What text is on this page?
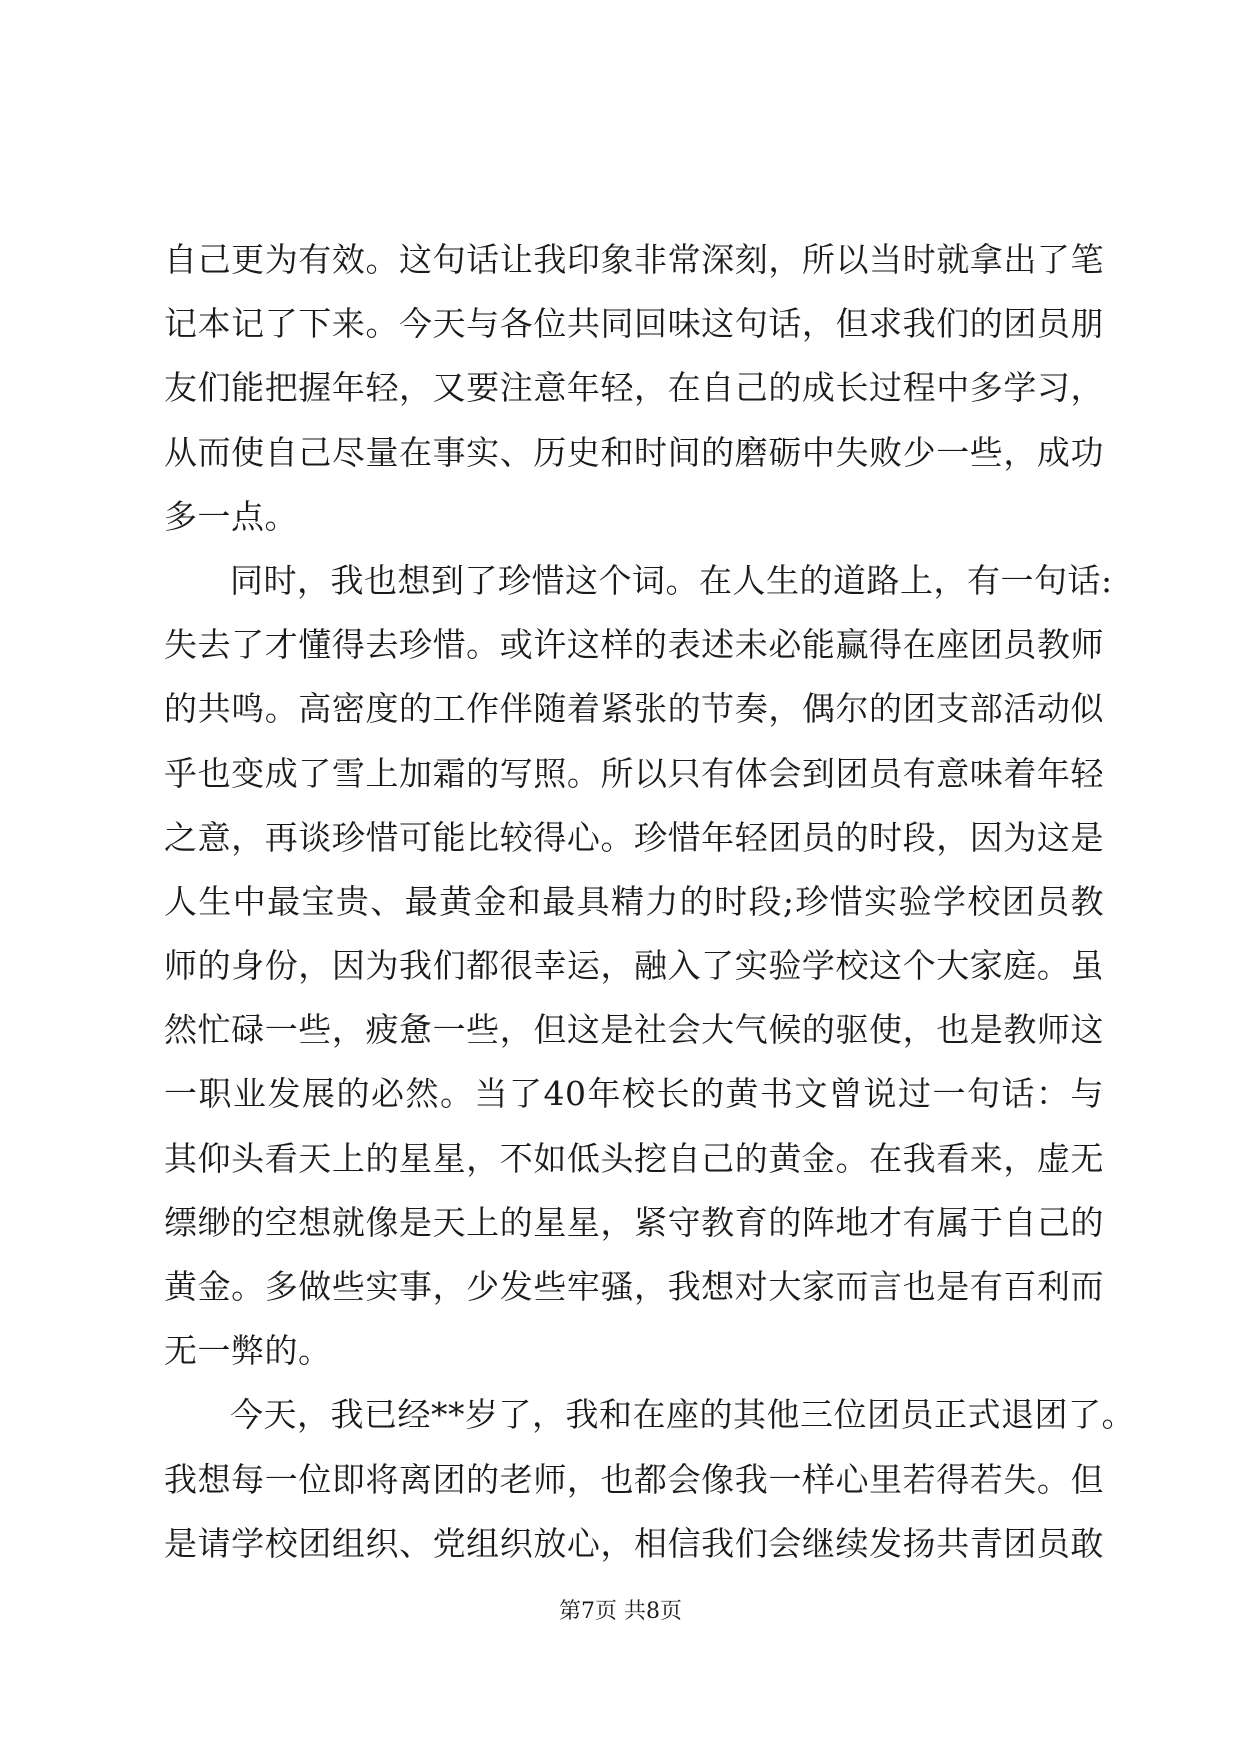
自己更为有效。这句话让我印象非常深刻，所以当时就拿出了笔
记本记了下来。今天与各位共同回味这句话，但求我们的团员朋
友们能把握年轻，又要注意年轻，在自己的成长过程中多学习，
从而使自己尽量在事实、历史和时间的磨砺中失败少一些，成功
多一点。
同时，我也想到了珍惜这个词。在人生的道路上，有一句话:
失去了才懂得去珍惜。或许这样的表述未必能赢得在座团员教师
的共鸣。高密度的工作伴随着紧张的节奏，偶尔的团支部活动似
乎也变成了雪上加霜的写照。所以只有体会到团员有意味着年轻
之意，再谈珍惜可能比较得心。珍惜年轻团员的时段，因为这是
人生中最宝贵、最黄金和最具精力的时段;珍惜实验学校团员教
师的身份，因为我们都很幸运，融入了实验学校这个大家庭。虽
然忙碌一些，疲惫一些，但这是社会大气候的驱使，也是教师这
一职业发展的必然。当了40年校长的黄书文曾说过一句话：与
其仰头看天上的星星，不如低头挖自己的黄金。在我看来，虚无
缥缈的空想就像是天上的星星，紧守教育的阵地才有属于自己的
黄金。多做些实事，少发些牢骚，我想对大家而言也是有百利而
无一弊的。
今天，我已经**岁了，我和在座的其他三位团员正式退团了。
我想每一位即将离团的老师，也都会像我一样心里若得若失。但
是请学校团组织、党组织放心，相信我们会继续发扬共青团员敢
第7页 共8页
